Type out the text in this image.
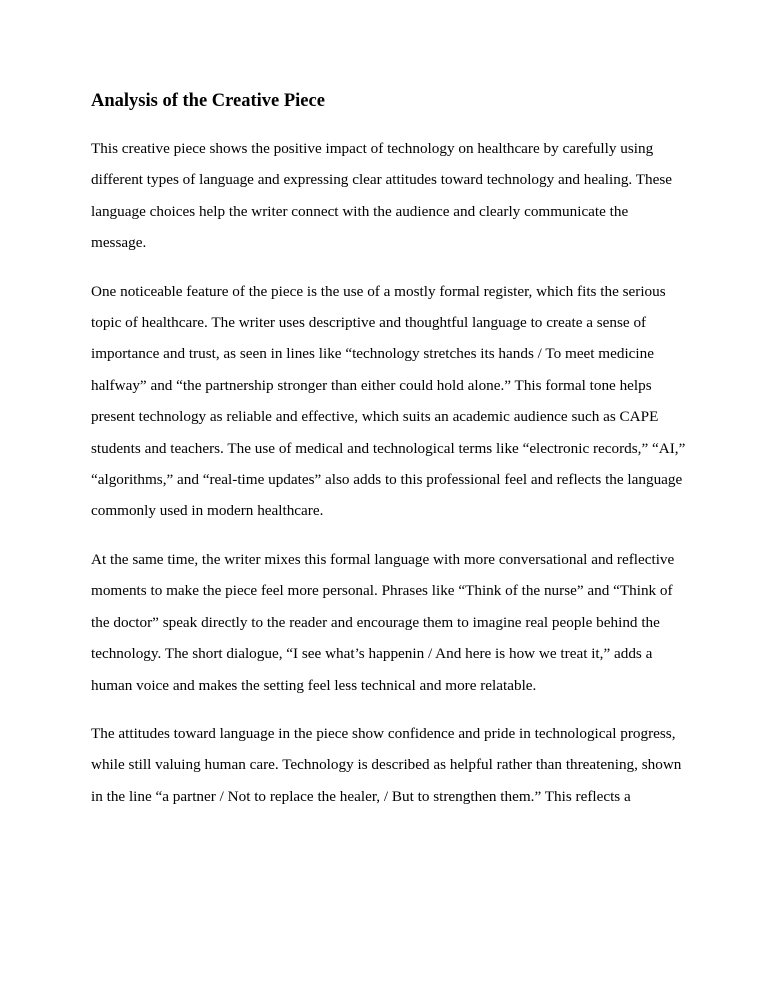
Analysis of the Creative Piece

This creative piece shows the positive impact of technology on healthcare by carefully using different types of language and expressing clear attitudes toward technology and healing. These language choices help the writer connect with the audience and clearly communicate the message.

One noticeable feature of the piece is the use of a mostly formal register, which fits the serious topic of healthcare. The writer uses descriptive and thoughtful language to create a sense of importance and trust, as seen in lines like “technology stretches its hands / To meet medicine halfway” and “the partnership stronger than either could hold alone.” This formal tone helps present technology as reliable and effective, which suits an academic audience such as CAPE students and teachers. The use of medical and technological terms like “electronic records,” “AI,” “algorithms,” and “real-time updates” also adds to this professional feel and reflects the language commonly used in modern healthcare.

At the same time, the writer mixes this formal language with more conversational and reflective moments to make the piece feel more personal. Phrases like “Think of the nurse” and “Think of the doctor” speak directly to the reader and encourage them to imagine real people behind the technology. The short dialogue, “I see what’s happenin / And here is how we treat it,” adds a human voice and makes the setting feel less technical and more relatable.

The attitudes toward language in the piece show confidence and pride in technological progress, while still valuing human care. Technology is described as helpful rather than threatening, shown in the line “a partner / Not to replace the healer, / But to strengthen them.” This reflects a
